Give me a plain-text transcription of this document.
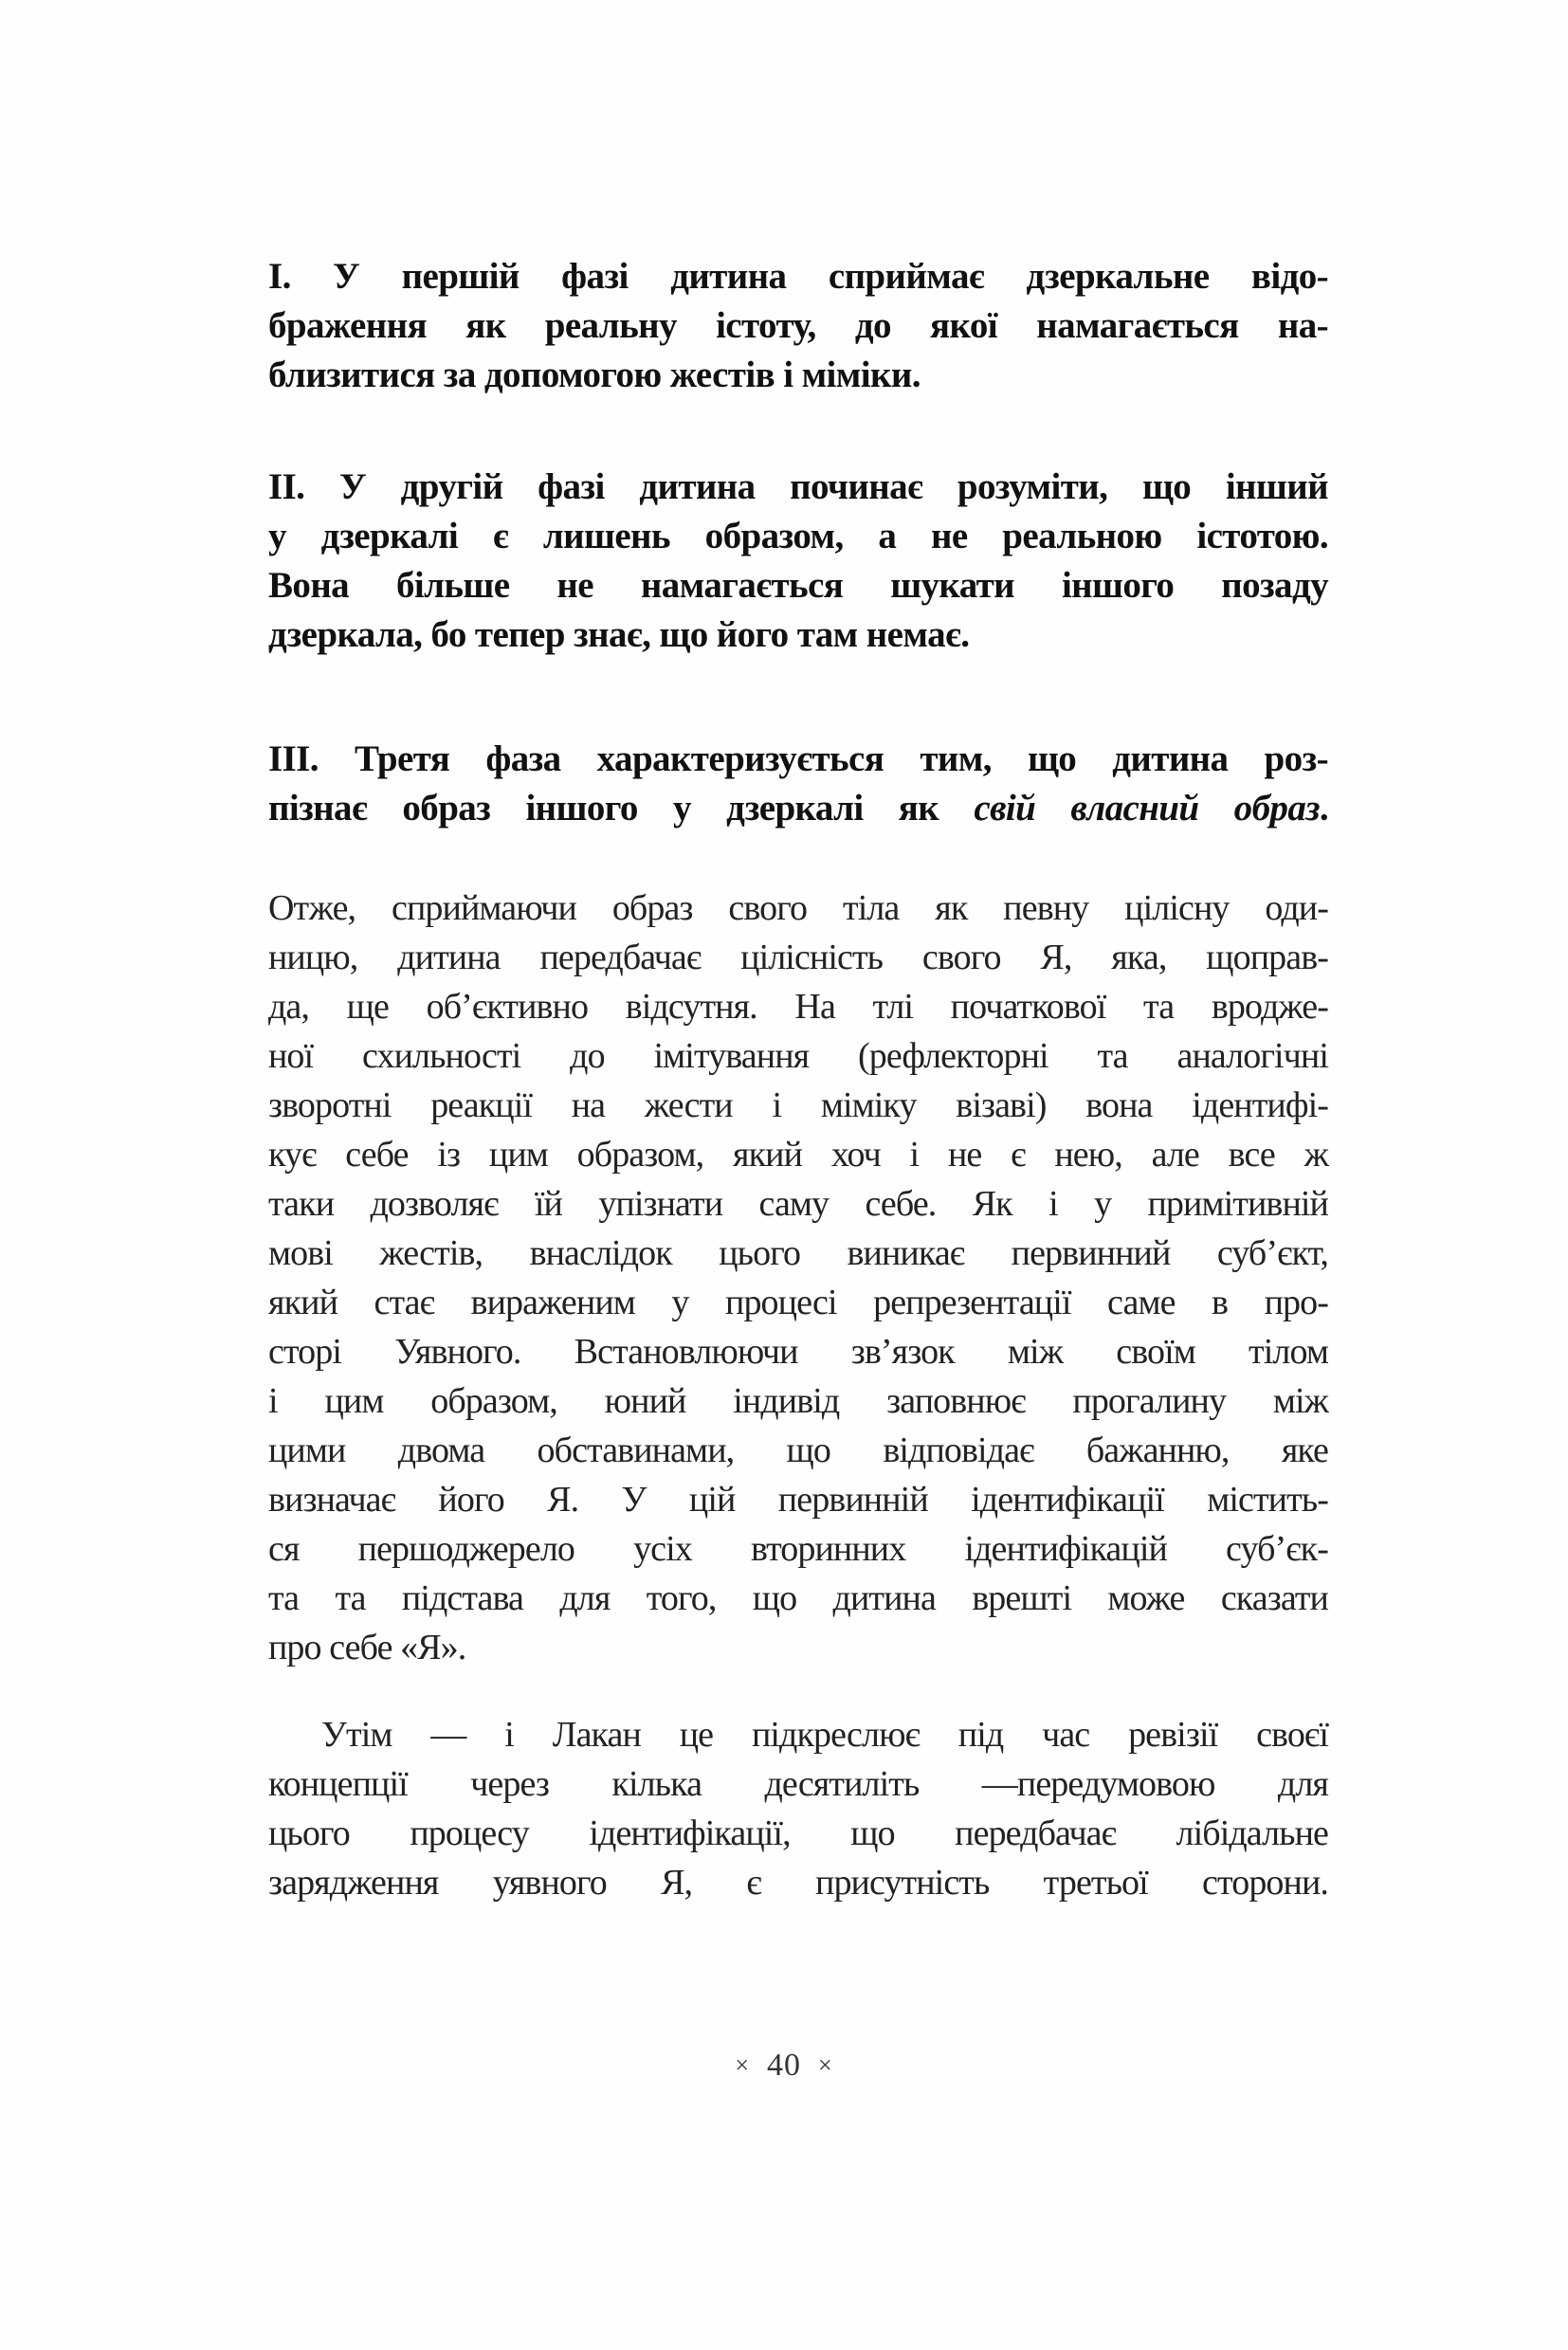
I. У першій фазі дитина сприймає дзеркальне відо-
браження як реальну істоту, до якої намагається на-
близитися за допомогою жестів і міміки.
II. У другій фазі дитина починає розуміти, що інший
у дзеркалі є лишень образом, а не реальною істотою.
Вона більше не намагається шукати іншого позаду
дзеркала, бо тепер знає, що його там немає.
III. Третя фаза характеризується тим, що дитина роз-
пізнає образ іншого у дзеркалі як свій власний образ.
Отже, сприймаючи образ свого тіла як певну цілісну оди-
ницю, дитина передбачає цілісність свого Я, яка, щоправ-
да, ще об’єктивно відсутня. На тлі початкової та вродже-
ної схильності до імітування (рефлекторні та аналогічні
зворотні реакції на жести і міміку візаві) вона ідентифі-
кує себе із цим образом, який хоч і не є нею, але все ж
таки дозволяє їй упізнати саму себе. Як і у примітивній
мові жестів, внаслідок цього виникає первинний суб’єкт,
який стає вираженим у процесі репрезентації саме в про-
сторі Уявного. Встановлюючи зв’язок між своїм тілом
і цим образом, юний індивід заповнює прогалину між
цими двома обставинами, що відповідає бажанню, яке
визначає його Я. У цій первинній ідентифікації містить-
ся першоджерело усіх вторинних ідентифікацій суб’єк-
та та підстава для того, що дитина врешті може сказати
про себе «Я».
Утім — і Лакан це підкреслює під час ревізії своєї
концепції через кілька десятиліть —передумовою для
цього процесу ідентифікації, що передбачає лібідальне
зарядження уявного Я, є присутність третьої сторони.
× 40 ×
